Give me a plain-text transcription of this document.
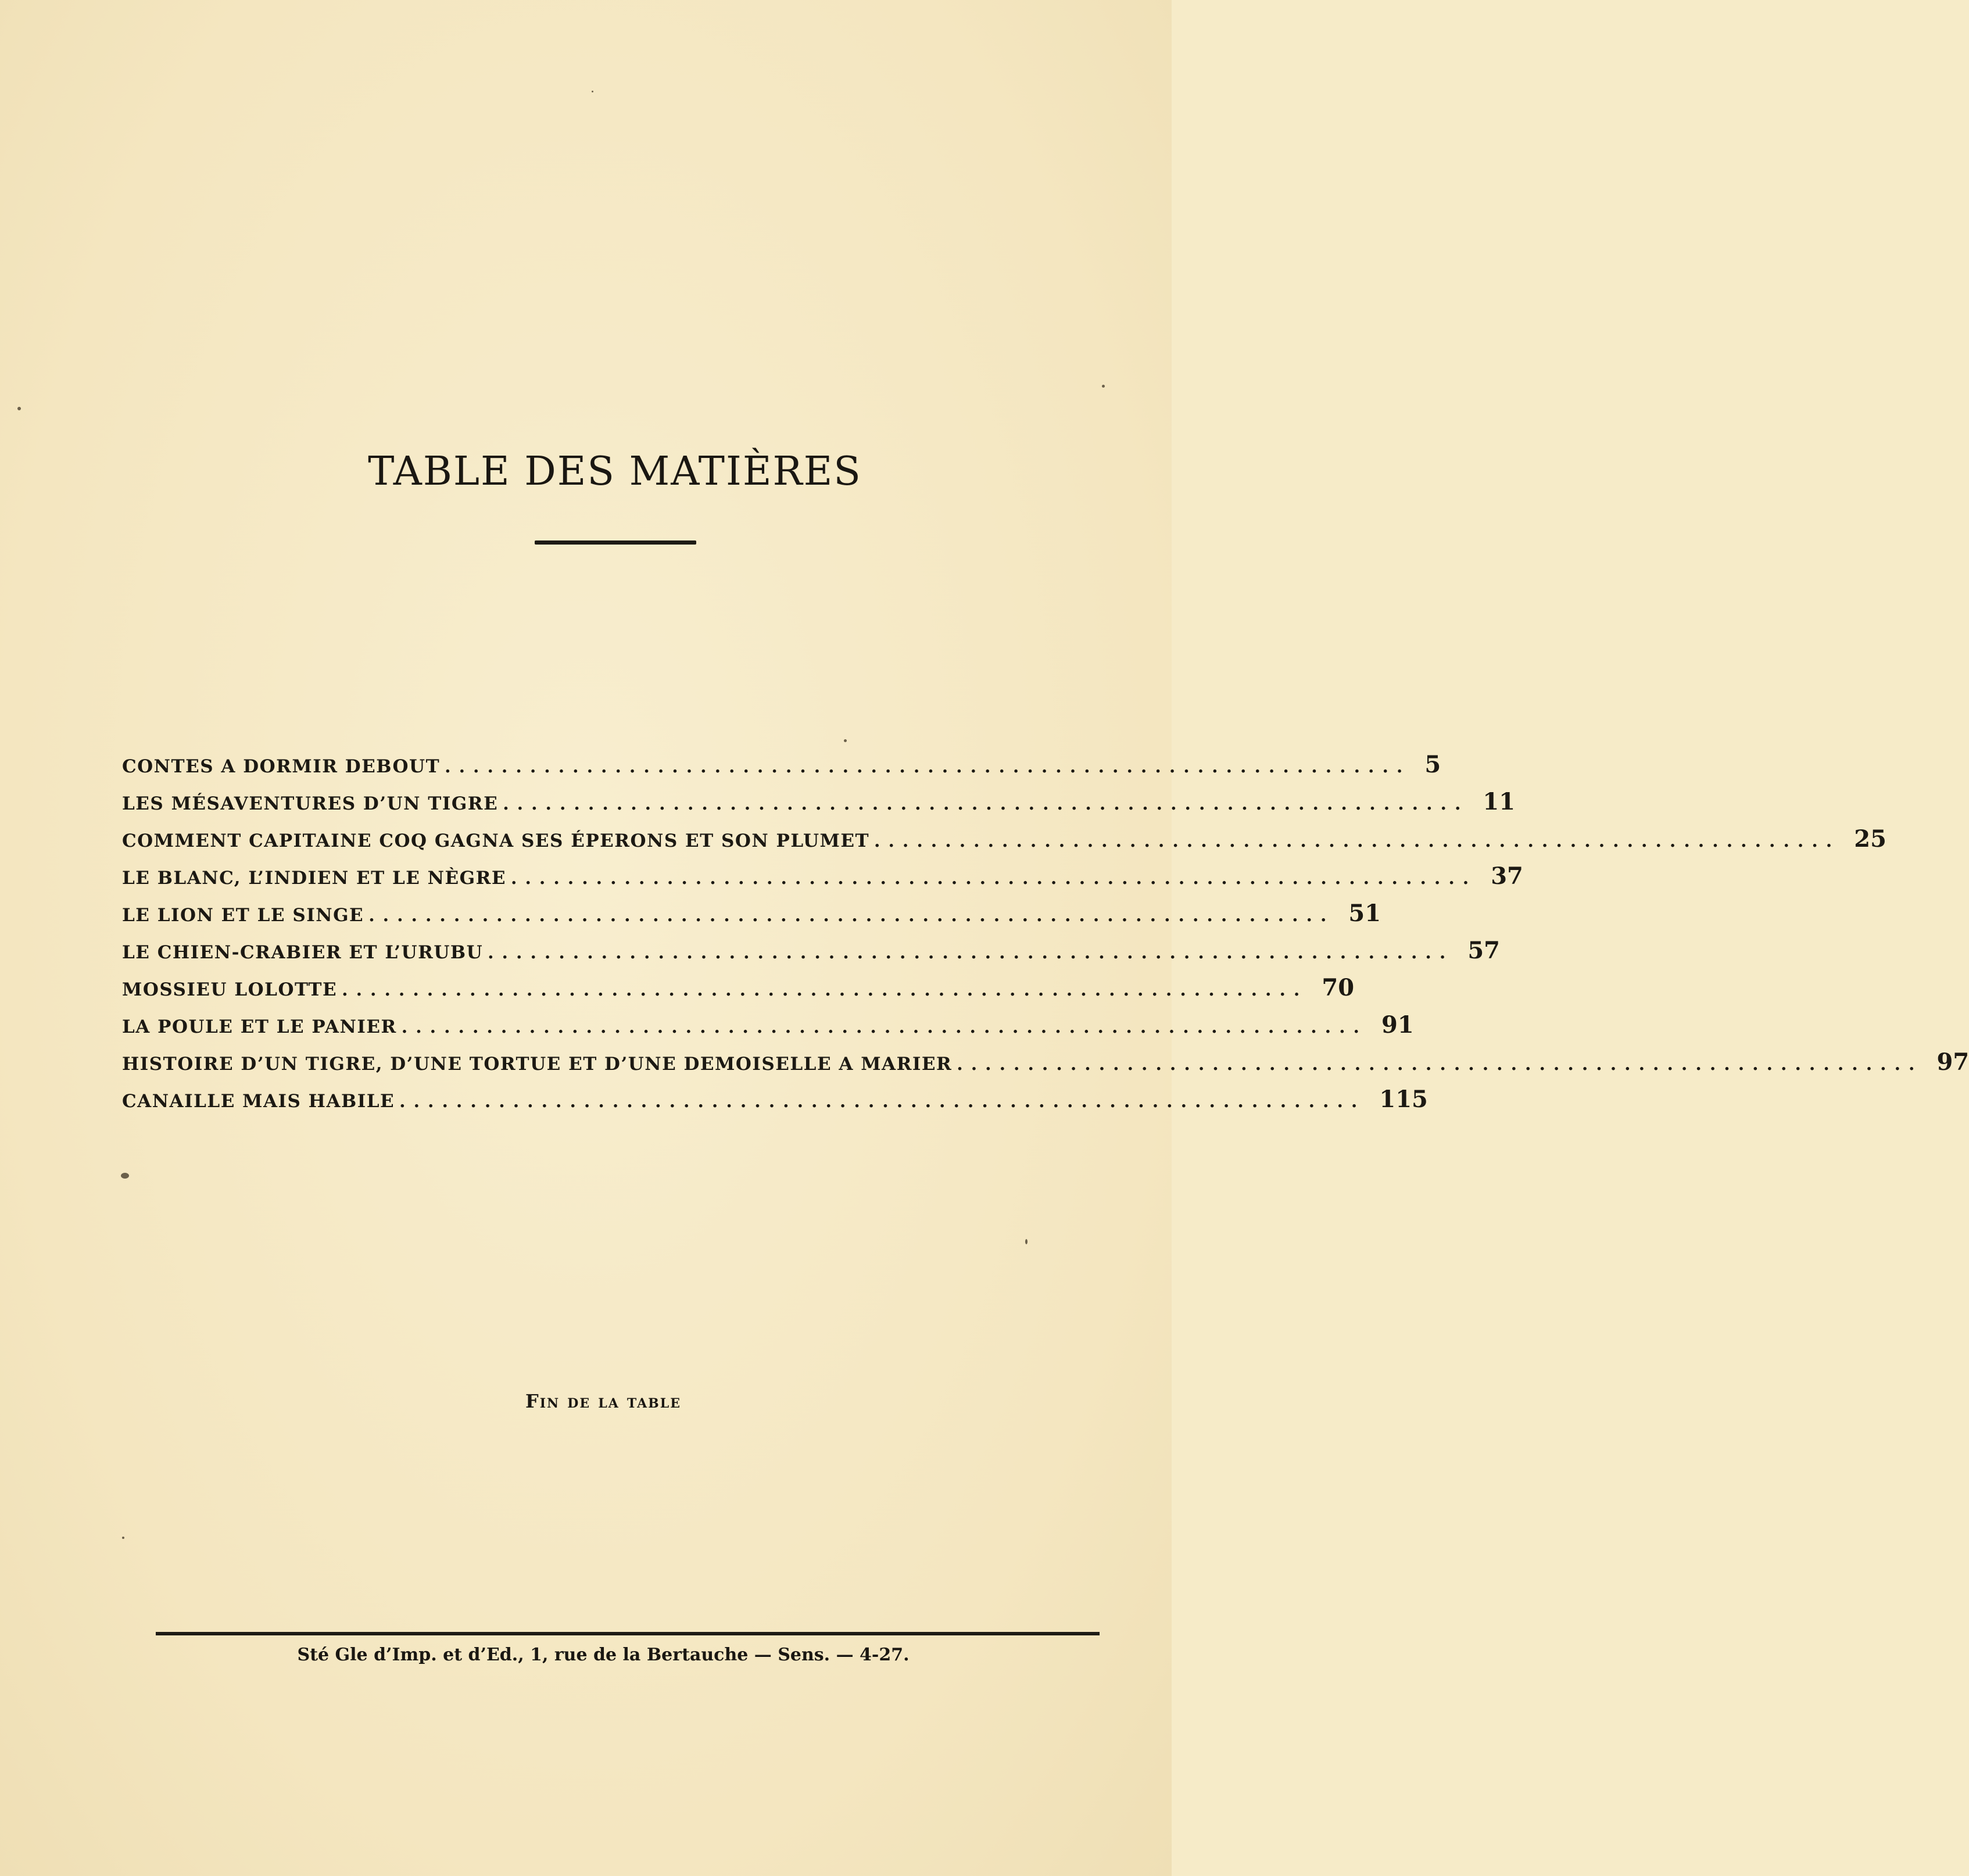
TABLE DES MATIÈRES
CONTES A DORMIR DEBOUT .................................................................... 5
LES MÉSAVENTURES D’UN TIGRE .................................................................... 11
COMMENT CAPITAINE COQ GAGNA SES ÉPERONS ET SON PLUMET .................................................................... 25
LE BLANC, L’INDIEN ET LE NÈGRE .................................................................... 37
LE LION ET LE SINGE .................................................................... 51
LE CHIEN-CRABIER ET L’URUBU .................................................................... 57
MOSSIEU LOLOTTE .................................................................... 70
LA POULE ET LE PANIER .................................................................... 91
HISTOIRE D’UN TIGRE, D’UNE TORTUE ET D’UNE DEMOISELLE A MARIER .................................................................... 97
CANAILLE MAIS HABILE .................................................................... 115
Fin de la table
Sté Gle d’Imp. et d’Ed., 1, rue de la Bertauche — Sens. — 4-27.
